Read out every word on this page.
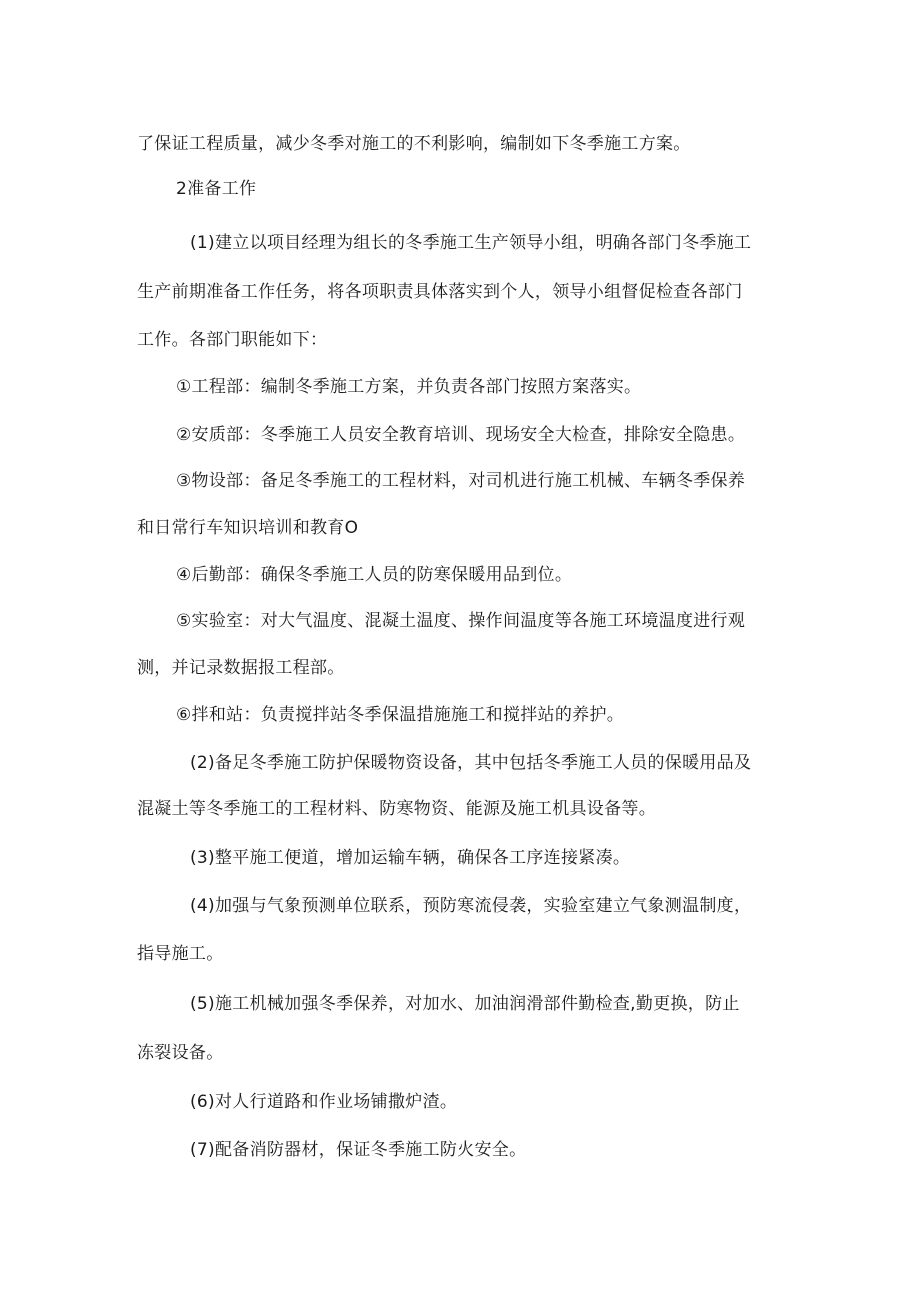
了保证工程质量，减少冬季对施工的不利影响，编制如下冬季施工方案。
2准备工作
(1)建立以项目经理为组长的冬季施工生产领导小组，明确各部门冬季施工
生产前期准备工作任务，将各项职责具体落实到个人，领导小组督促检查各部门
工作。各部门职能如下：
①工程部：编制冬季施工方案，并负责各部门按照方案落实。
②安质部：冬季施工人员安全教育培训、现场安全大检查，排除安全隐患。
③物设部：备足冬季施工的工程材料，对司机进行施工机械、车辆冬季保养
和日常行车知识培训和教育O
④后勤部：确保冬季施工人员的防寒保暖用品到位。
⑤实验室：对大气温度、混凝土温度、操作间温度等各施工环境温度进行观
测，并记录数据报工程部。
⑥拌和站：负责搅拌站冬季保温措施施工和搅拌站的养护。
(2)备足冬季施工防护保暖物资设备，其中包括冬季施工人员的保暖用品及
混凝土等冬季施工的工程材料、防寒物资、能源及施工机具设备等。
(3)整平施工便道，增加运输车辆，确保各工序连接紧凑。
(4)加强与气象预测单位联系，预防寒流侵袭，实验室建立气象测温制度，
指导施工。
(5)施工机械加强冬季保养，对加水、加油润滑部件勤检查,勤更换，防止
冻裂设备。
(6)对人行道路和作业场铺撒炉渣。
(7)配备消防器材，保证冬季施工防火安全。
